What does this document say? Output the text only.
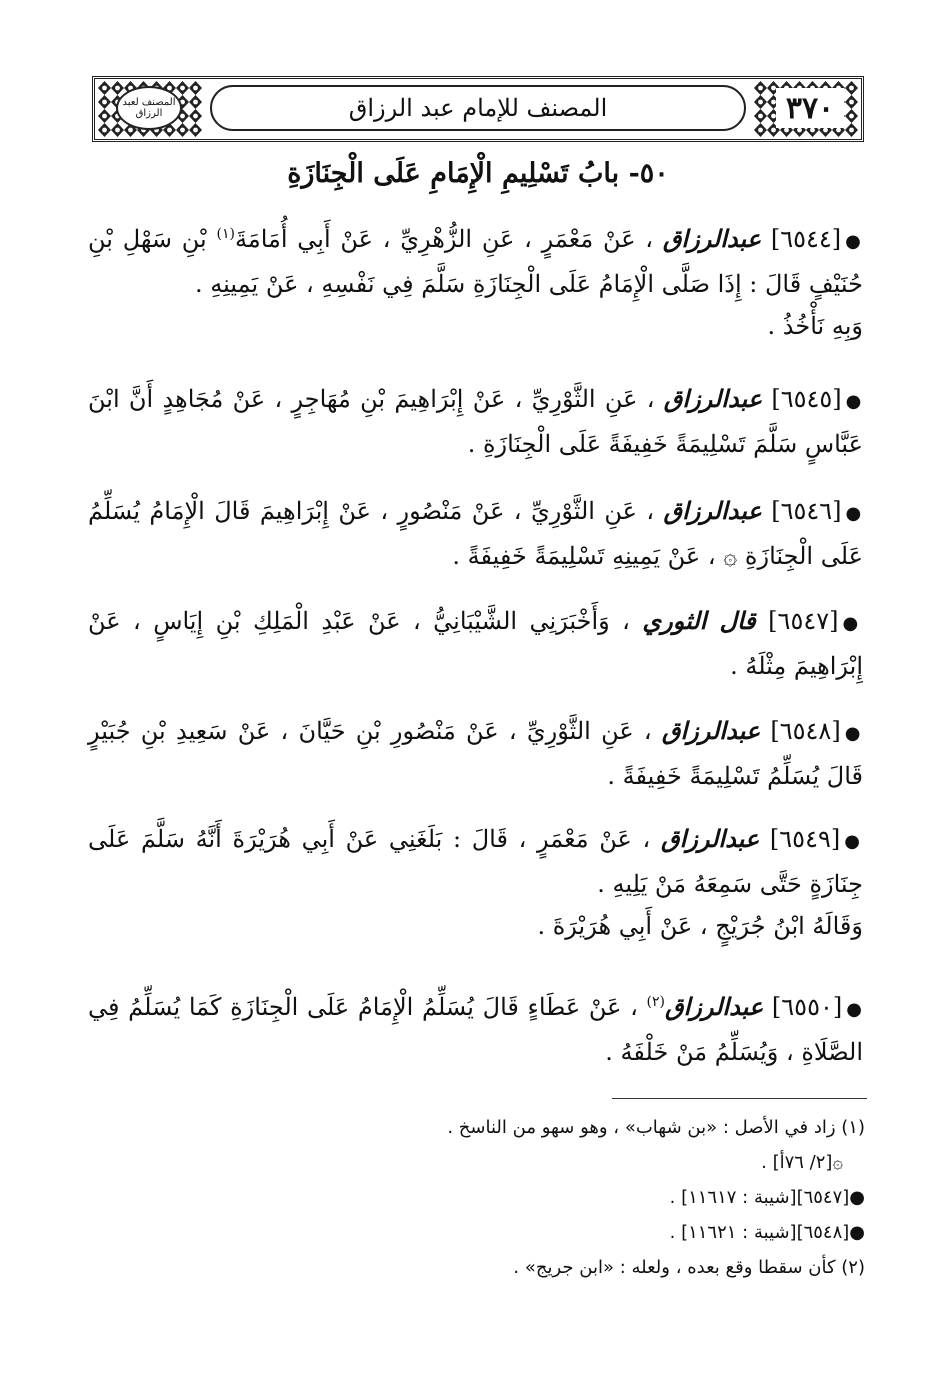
المصنف لعبد الرزاق	المصنف للإمام عبد الرزاق	٣٧٠
٥٠- بابُ تَسْلِيمِ الْإِمَامِ عَلَى الْجِنَازَةِ

●[٦٥٤٤] عبدالرزاق ، عَنْ مَعْمَرٍ ، عَنِ الزُّهْرِيِّ ، عَنْ أَبِي أُمَامَةَ$^{(١)}$ بْنِ سَهْلِ بْنِ حُنَيْفٍ قَالَ : إِذَا صَلَّى الْإِمَامُ عَلَى الْجِنَازَةِ سَلَّمَ فِي نَفْسِهِ ، عَنْ يَمِينِهِ .

وَبِهِ نَأْخُذُ .

●[٦٥٤٥] عبدالرزاق ، عَنِ الثَّوْرِيِّ ، عَنْ إِبْرَاهِيمَ بْنِ مُهَاجِرٍ ، عَنْ مُجَاهِدٍ أَنَّ ابْنَ عَبَّاسٍ سَلَّمَ تَسْلِيمَةً خَفِيفَةً عَلَى الْجِنَازَةِ .

●[٦٥٤٦] عبدالرزاق ، عَنِ الثَّوْرِيِّ ، عَنْ مَنْصُورٍ ، عَنْ إِبْرَاهِيمَ قَالَ الْإِمَامُ يُسَلِّمُ عَلَى الْجِنَازَةِ ۞ ، عَنْ يَمِينِهِ تَسْلِيمَةً خَفِيفَةً .

●[٦٥٤٧] قال الثوري ، وَأَخْبَرَنِي الشَّيْبَانِيُّ ، عَنْ عَبْدِ الْمَلِكِ بْنِ إِيَاسٍ ، عَنْ إِبْرَاهِيمَ مِثْلَهُ .

●[٦٥٤٨] عبدالرزاق ، عَنِ الثَّوْرِيِّ ، عَنْ مَنْصُورِ بْنِ حَيَّانَ ، عَنْ سَعِيدِ بْنِ جُبَيْرٍ قَالَ يُسَلِّمُ تَسْلِيمَةً خَفِيفَةً .

●[٦٥٤٩] عبدالرزاق ، عَنْ مَعْمَرٍ ، قَالَ : بَلَغَنِي عَنْ أَبِي هُرَيْرَةَ أَنَّهُ سَلَّمَ عَلَى جِنَازَةٍ حَتَّى سَمِعَهُ مَنْ يَلِيهِ .

وَقَالَهُ ابْنُ جُرَيْجٍ ، عَنْ أَبِي هُرَيْرَةَ .

●[٦٥٥٠] عبدالرزاق$^{(٢)}$ ، عَنْ عَطَاءٍ قَالَ يُسَلِّمُ الْإِمَامُ عَلَى الْجِنَازَةِ كَمَا يُسَلِّمُ فِي الصَّلَاةِ ، وَيُسَلِّمُ مَنْ خَلْفَهُ .

(١) زاد في الأصل : «بن شهاب» ، وهو سهو من الناسخ .

۞[٢/ ٧٦أ] .

●[٦٥٤٧][شيبة : ١١٦١٧] .

●[٦٥٤٨][شيبة : ١١٦٢١] .

(٢) كأن سقطا وقع بعده ، ولعله : «ابن جريج» .
